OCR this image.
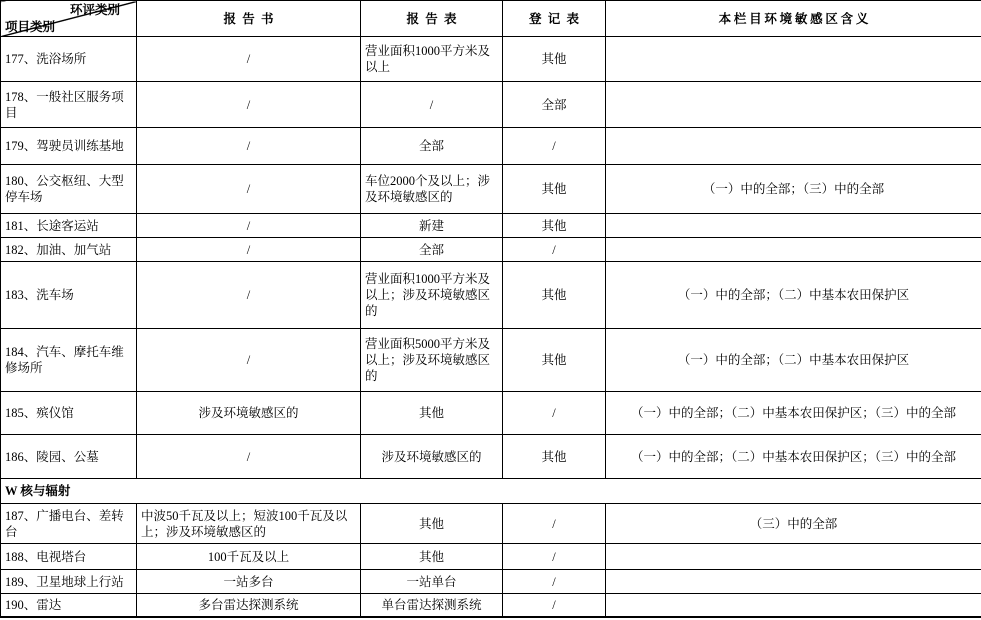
环评类别
项目类别	报告书	报告表	登记表	本栏目环境敏感区含义
177、洗浴场所	/	营业面积1000平方米及以上	其他	
178、一般社区服务项目	/	/	全部	
179、驾驶员训练基地	/	全部	/	
180、公交枢纽、大型停车场	/	车位2000个及以上；涉及环境敏感区的	其他	（一）中的全部；（三）中的全部
181、长途客运站	/	新建	其他	
182、加油、加气站	/	全部	/	
183、洗车场	/	营业面积1000平方米及以上；涉及环境敏感区的	其他	（一）中的全部；（二）中基本农田保护区
184、汽车、摩托车维修场所	/	营业面积5000平方米及以上；涉及环境敏感区的	其他	（一）中的全部；（二）中基本农田保护区
185、殡仪馆	涉及环境敏感区的	其他	/	（一）中的全部；（二）中基本农田保护区；（三）中的全部
186、陵园、公墓	/	涉及环境敏感区的	其他	（一）中的全部；（二）中基本农田保护区；（三）中的全部
W 核与辐射				
187、广播电台、差转台	中波50千瓦及以上；短波100千瓦及以上；涉及环境敏感区的	其他	/	（三）中的全部
188、电视塔台	100千瓦及以上	其他	/	
189、卫星地球上行站	一站多台	一站单台	/	
190、雷达	多台雷达探测系统	单台雷达探测系统	/	
